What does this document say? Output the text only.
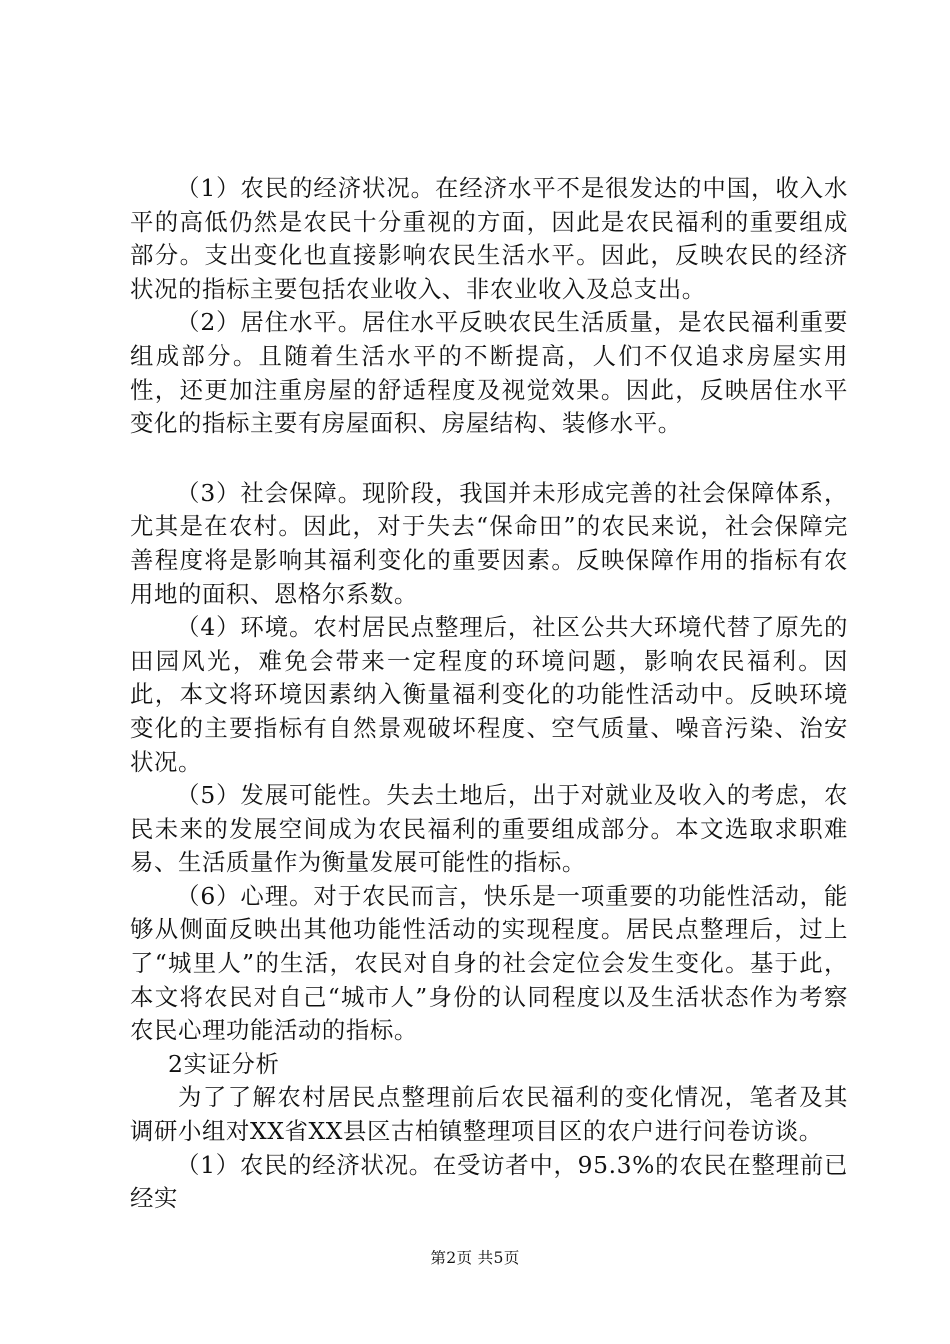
（1）农民的经济状况。在经济水平不是很发达的中国，收入水平的高低仍然是农民十分重视的方面，因此是农民福利的重要组成部分。支出变化也直接影响农民生活水平。因此，反映农民的经济状况的指标主要包括农业收入、非农业收入及总支出。

（2）居住水平。居住水平反映农民生活质量，是农民福利重要组成部分。且随着生活水平的不断提高，人们不仅追求房屋实用性，还更加注重房屋的舒适程度及视觉效果。因此，反映居住水平变化的指标主要有房屋面积、房屋结构、装修水平。

（3）社会保障。现阶段，我国并未形成完善的社会保障体系，尤其是在农村。因此，对于失去“保命田”的农民来说，社会保障完善程度将是影响其福利变化的重要因素。反映保障作用的指标有农用地的面积、恩格尔系数。

（4）环境。农村居民点整理后，社区公共大环境代替了原先的田园风光，难免会带来一定程度的环境问题，影响农民福利。因此，本文将环境因素纳入衡量福利变化的功能性活动中。反映环境变化的主要指标有自然景观破坏程度、空气质量、噪音污染、治安状况。

（5）发展可能性。失去土地后，出于对就业及收入的考虑，农民未来的发展空间成为农民福利的重要组成部分。本文选取求职难易、生活质量作为衡量发展可能性的指标。

（6）心理。对于农民而言，快乐是一项重要的功能性活动，能够从侧面反映出其他功能性活动的实现程度。居民点整理后，过上了“城里人”的生活，农民对自身的社会定位会发生变化。基于此，本文将农民对自己“城市人”身份的认同程度以及生活状态作为考察农民心理功能活动的指标。

2实证分析

为了了解农村居民点整理前后农民福利的变化情况，笔者及其调研小组对XX省XX县区古柏镇整理项目区的农户进行问卷访谈。

（1）农民的经济状况。在受访者中，95.3%的农民在整理前已经实

第2页 共5页
